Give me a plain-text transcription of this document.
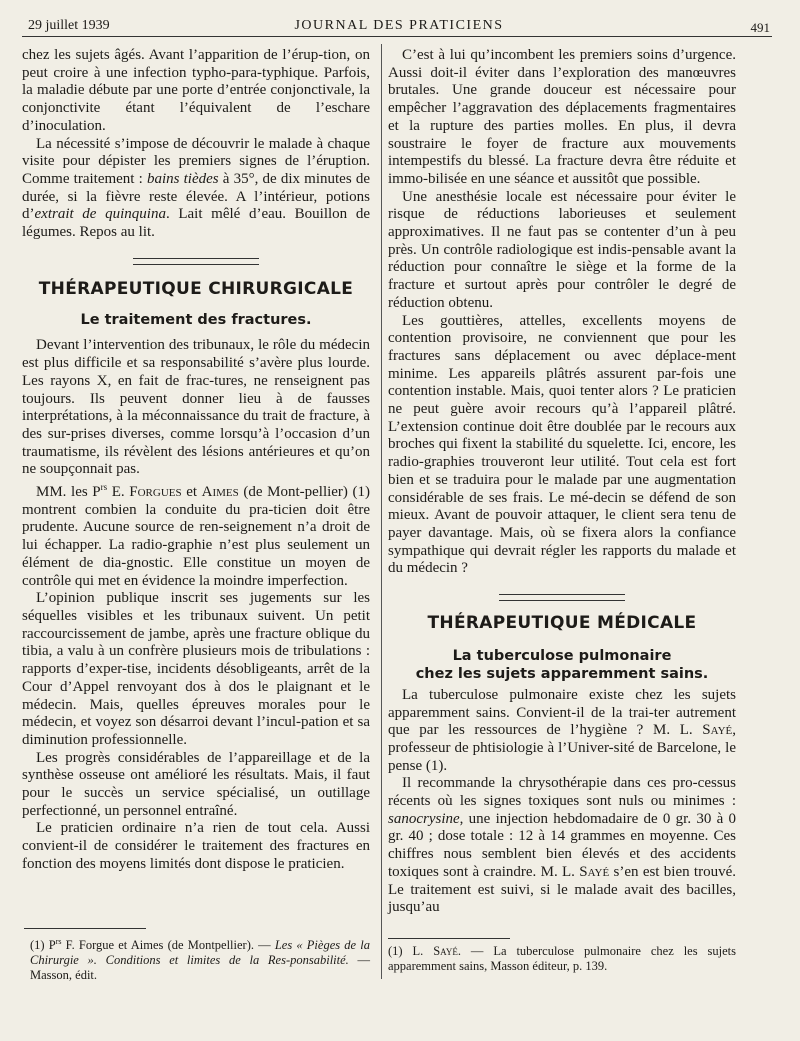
29 juillet 1939	JOURNAL DES PRATICIENS	491

chez les sujets âgés. Avant l’apparition de l’érup-tion, on peut croire à une infection typho-para-typhique. Parfois, la maladie débute par une porte d’entrée conjonctivale, la conjonctivite étant l’équivalent de l’eschare d’inoculation.

La nécessité s’impose de découvrir le malade à chaque visite pour dépister les premiers signes de l’éruption. Comme traitement : bains tièdes à 35°, de dix minutes de durée, si la fièvre reste élevée. A l’intérieur, potions d’extrait de quinquina. Lait mêlé d’eau. Bouillon de légumes. Repos au lit.

THÉRAPEUTIQUE CHIRURGICALE
Le traitement des fractures.

Devant l’intervention des tribunaux, le rôle du médecin est plus difficile et sa responsabilité s’avère plus lourde. Les rayons X, en fait de frac-tures, ne renseignent pas toujours. Ils peuvent donner lieu à de fausses interprétations, à la méconnaissance du trait de fracture, à des sur-prises diverses, comme lorsqu’à l’occasion d’un traumatisme, ils révèlent des lésions antérieures et qu’on ne soupçonnait pas.

MM. les $P^{rs}$ E. Forgues et Aimes (de Mont-pellier) (1) montrent combien la conduite du pra-ticien doit être prudente. Aucune source de ren-seignement n’a droit de lui échapper. La radio-graphie n’est plus seulement un élément de dia-gnostic. Elle constitue un moyen de contrôle qui met en évidence la moindre imperfection.

L’opinion publique inscrit ses jugements sur les séquelles visibles et les tribunaux suivent. Un petit raccourcissement de jambe, après une fracture oblique du tibia, a valu à un confrère plusieurs mois de tribulations : rapports d’exper-tise, incidents désobligeants, arrêt de la Cour d’Appel renvoyant dos à dos le plaignant et le médecin. Mais, quelles épreuves morales pour le médecin, et voyez son désarroi devant l’incul-pation et sa diminution professionnelle.

Les progrès considérables de l’appareillage et de la synthèse osseuse ont amélioré les résultats. Mais, il faut pour le succès un service spécialisé, un outillage perfectionné, un personnel entraîné.

Le praticien ordinaire n’a rien de tout cela. Aussi convient-il de considérer le traitement des fractures en fonction des moyens limités dont dispose le praticien.

(1) $P^{rs}$ F. Forgue et Aimes (de Montpellier). — Les « Pièges de la Chirurgie ». Conditions et limites de la Res-ponsabilité. — Masson, édit.

C’est à lui qu’incombent les premiers soins d’urgence. Aussi doit-il éviter dans l’exploration des manœuvres brutales. Une grande douceur est nécessaire pour empêcher l’aggravation des déplacements fragmentaires et la rupture des parties molles. En plus, il devra soustraire le foyer de fracture aux mouvements intempestifs du blessé. La fracture devra être réduite et immo-bilisée en une séance et aussitôt que possible.

Une anesthésie locale est nécessaire pour éviter le risque de réductions laborieuses et seulement approximatives. Il ne faut pas se contenter d’un à peu près. Un contrôle radiologique est indis-pensable avant la réduction pour connaître le siège et la forme de la fracture et surtout après pour contrôler le degré de réduction obtenu.

Les gouttières, attelles, excellents moyens de contention provisoire, ne conviennent que pour les fractures sans déplacement ou avec déplace-ment minime. Les appareils plâtrés assurent par-fois une contention instable. Mais, quoi tenter alors ? Le praticien ne peut guère avoir recours qu’à l’appareil plâtré. L’extension continue doit être doublée par le recours aux broches qui fixent la stabilité du squelette. Ici, encore, les radio-graphies trouveront leur utilité. Tout cela est fort bien et se traduira pour le malade par une augmentation considérable de ses frais. Le mé-decin se défend de son mieux. Avant de pouvoir attaquer, le client sera tenu de payer davantage. Mais, où se fixera alors la confiance sympathique qui devrait régler les rapports du malade et du médecin ?

THÉRAPEUTIQUE MÉDICALE
La tuberculose pulmonaire
chez les sujets apparemment sains.

La tuberculose pulmonaire existe chez les sujets apparemment sains. Convient-il de la trai-ter autrement que par les ressources de l’hygiène ? M. L. Sayé, professeur de phtisiologie à l’Univer-sité de Barcelone, le pense (1).

Il recommande la chrysothérapie dans ces pro-cessus récents où les signes toxiques sont nuls ou minimes : sanocrysine, une injection hebdomadaire de 0 gr. 30 à 0 gr. 40 ; dose totale : 12 à 14 grammes en moyenne. Ces chiffres nous semblent bien élevés et des accidents toxiques sont à craindre. M. L. Sayé s’en est bien trouvé. Le traitement est suivi, si le malade avait des bacilles, jusqu’au

(1) L. Sayé. — La tuberculose pulmonaire chez les sujets apparemment sains, Masson éditeur, p. 139.
